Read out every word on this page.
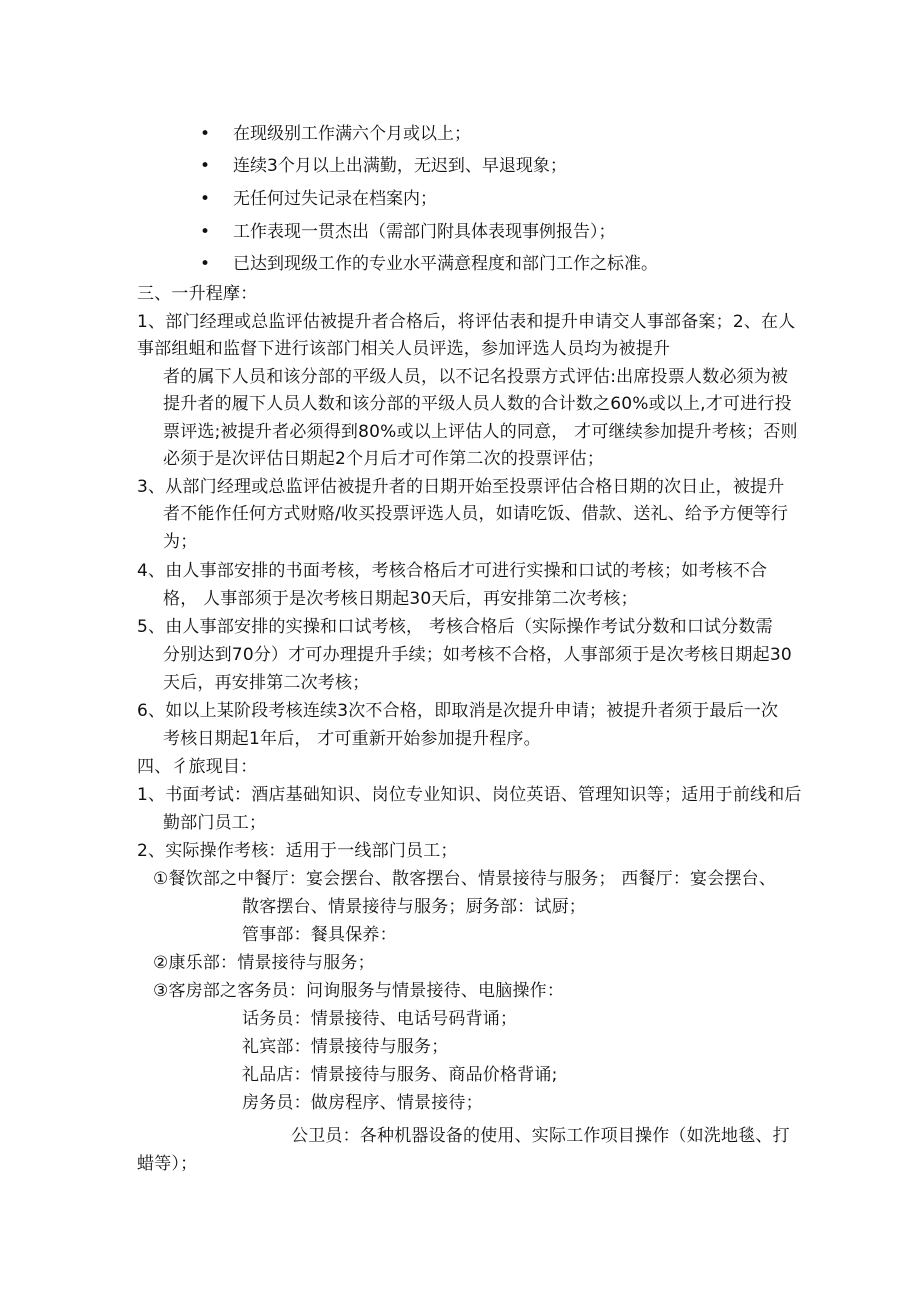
• 在现级别工作满六个月或以上；
• 连续3个月以上出满勤，无迟到、早退现象；
• 无任何过失记录在档案内；
• 工作表现一贯杰出（需部门附具体表现事例报告）；
• 已达到现级工作的专业水平满意程度和部门工作之标准。
三、一升程摩：
1、部门经理或总监评估被提升者合格后，将评估表和提升申请交人事部备案；2、在人
事部组蛆和监督下进行该部门相关人员评选，参加评选人员均为被提升
者的属下人员和该分部的平级人员，以不记名投票方式评估:出席投票人数必须为被
提升者的履下人员人数和该分部的平级人员人数的合计数之60%或以上,才可进行投
票评选;被提升者必须得到80%或以上评估人的同意， 才可继续参加提升考核；否则
必须于是次评估日期起2个月后才可作第二次的投票评估；
3、从部门经理或总监评估被提升者的日期开始至投票评估合格日期的次日止，被提升
者不能作任何方式财赂/收买投票评选人员，如请吃饭、借款、送礼、给予方便等行
为；
4、由人事部安排的书面考核，考核合格后才可进行实操和口试的考核；如考核不合
格， 人事部须于是次考核日期起30天后，再安排第二次考核；
5、由人事部安排的实操和口试考核， 考核合格后（实际操作考试分数和口试分数需
分别达到70分）才可办理提升手续；如考核不合格，人事部须于是次考核日期起30
天后，再安排第二次考核；
6、如以上某阶段考核连续3次不合格，即取消是次提升申请；被提升者须于最后一次
考核日期起1年后， 才可重新开始参加提升程序。
四、彳旅现目：
1、书面考试：酒店基础知识、岗位专业知识、岗位英语、管理知识等；适用于前线和后
勤部门员工；
2、实际操作考核：适用于一线部门员工；
①餐饮部之中餐厅：宴会摆台、散客摆台、情景接待与服务； 西餐厅：宴会摆台、
散客摆台、情景接待与服务；厨务部：试厨；
管事部：餐具保养：
②康乐部：情景接待与服务；
③客房部之客务员：问询服务与情景接待、电脑操作：
话务员：情景接待、电话号码背诵；
礼宾部：情景接待与服务；
礼品店：情景接待与服务、商品价格背诵;
房务员：做房程序、情景接待；
公卫员：各种机器设备的使用、实际工作项目操作（如洗地毯、打
蜡等）；
